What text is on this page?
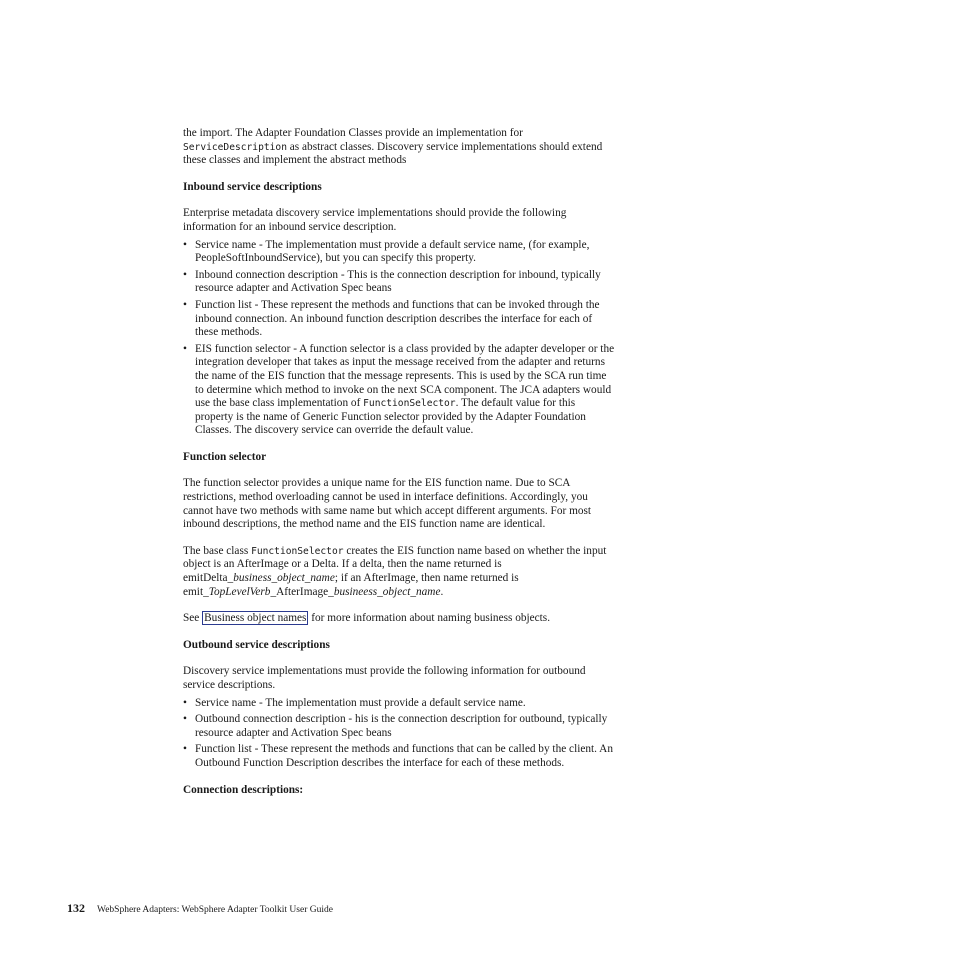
the import. The Adapter Foundation Classes provide an implementation for ServiceDescription as abstract classes. Discovery service implementations should extend these classes and implement the abstract methods

Inbound service descriptions

Enterprise metadata discovery service implementations should provide the following information for an inbound service description.

• Service name - The implementation must provide a default service name, (for example, PeopleSoftInboundService), but you can specify this property.
• Inbound connection description - This is the connection description for inbound, typically resource adapter and Activation Spec beans
• Function list - These represent the methods and functions that can be invoked through the inbound connection. An inbound function description describes the interface for each of these methods.
• EIS function selector - A function selector is a class provided by the adapter developer or the integration developer that takes as input the message received from the adapter and returns the name of the EIS function that the message represents. This is used by the SCA run time to determine which method to invoke on the next SCA component. The JCA adapters would use the base class implementation of FunctionSelector. The default value for this property is the name of Generic Function selector provided by the Adapter Foundation Classes. The discovery service can override the default value.

Function selector

The function selector provides a unique name for the EIS function name. Due to SCA restrictions, method overloading cannot be used in interface definitions. Accordingly, you cannot have two methods with same name but which accept different arguments. For most inbound descriptions, the method name and the EIS function name are identical.

The base class FunctionSelector creates the EIS function name based on whether the input object is an AfterImage or a Delta. If a delta, then the name returned is emitDelta_business_object_name; if an AfterImage, then name returned is emit_TopLevelVerb_AfterImage_busineess_object_name.

See Business object names for more information about naming business objects.

Outbound service descriptions

Discovery service implementations must provide the following information for outbound service descriptions.

• Service name - The implementation must provide a default service name.
• Outbound connection description - his is the connection description for outbound, typically resource adapter and Activation Spec beans
• Function list - These represent the methods and functions that can be called by the client. An Outbound Function Description describes the interface for each of these methods.

Connection descriptions:

132 WebSphere Adapters: WebSphere Adapter Toolkit User Guide
